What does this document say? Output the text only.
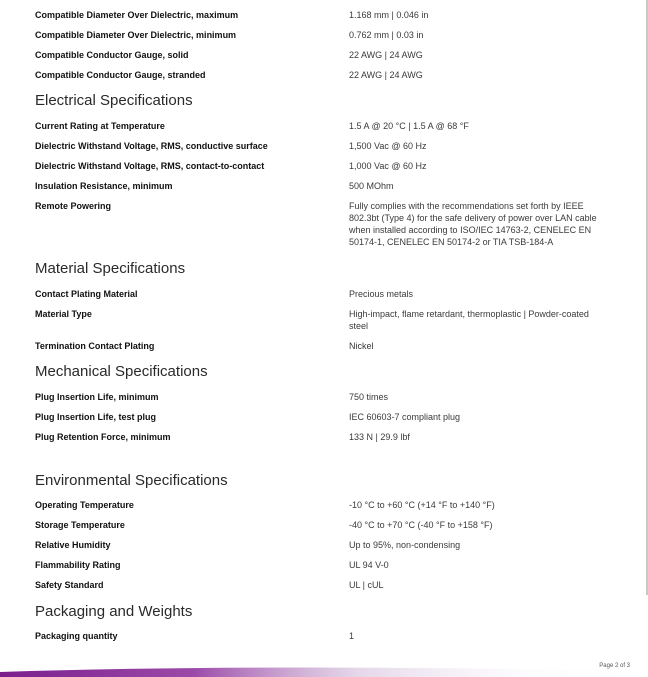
Compatible Diameter Over Dielectric, maximum	1.168 mm | 0.046 in
Compatible Diameter Over Dielectric, minimum	0.762 mm | 0.03 in
Compatible Conductor Gauge, solid	22 AWG | 24 AWG
Compatible Conductor Gauge, stranded	22 AWG | 24 AWG
Electrical Specifications
Current Rating at Temperature	1.5 A @ 20 °C | 1.5 A @ 68 °F
Dielectric Withstand Voltage, RMS, conductive surface	1,500 Vac @ 60 Hz
Dielectric Withstand Voltage, RMS, contact-to-contact	1,000 Vac @ 60 Hz
Insulation Resistance, minimum	500 MOhm
Remote Powering	Fully complies with the recommendations set forth by IEEE 802.3bt (Type 4) for the safe delivery of power over LAN cable when installed according to ISO/IEC 14763-2, CENELEC EN 50174-1, CENELEC EN 50174-2 or TIA TSB-184-A
Material Specifications
Contact Plating Material	Precious metals
Material Type	High-impact, flame retardant, thermoplastic | Powder-coated steel
Termination Contact Plating	Nickel
Mechanical Specifications
Plug Insertion Life, minimum	750 times
Plug Insertion Life, test plug	IEC 60603-7 compliant plug
Plug Retention Force, minimum	133 N | 29.9 lbf
Environmental Specifications
Operating Temperature	-10 °C to +60 °C (+14 °F to +140 °F)
Storage Temperature	-40 °C to +70 °C (-40 °F to +158 °F)
Relative Humidity	Up to 95%, non-condensing
Flammability Rating	UL 94 V-0
Safety Standard	UL | cUL
Packaging and Weights
Packaging quantity	1
Page 2 of 3
